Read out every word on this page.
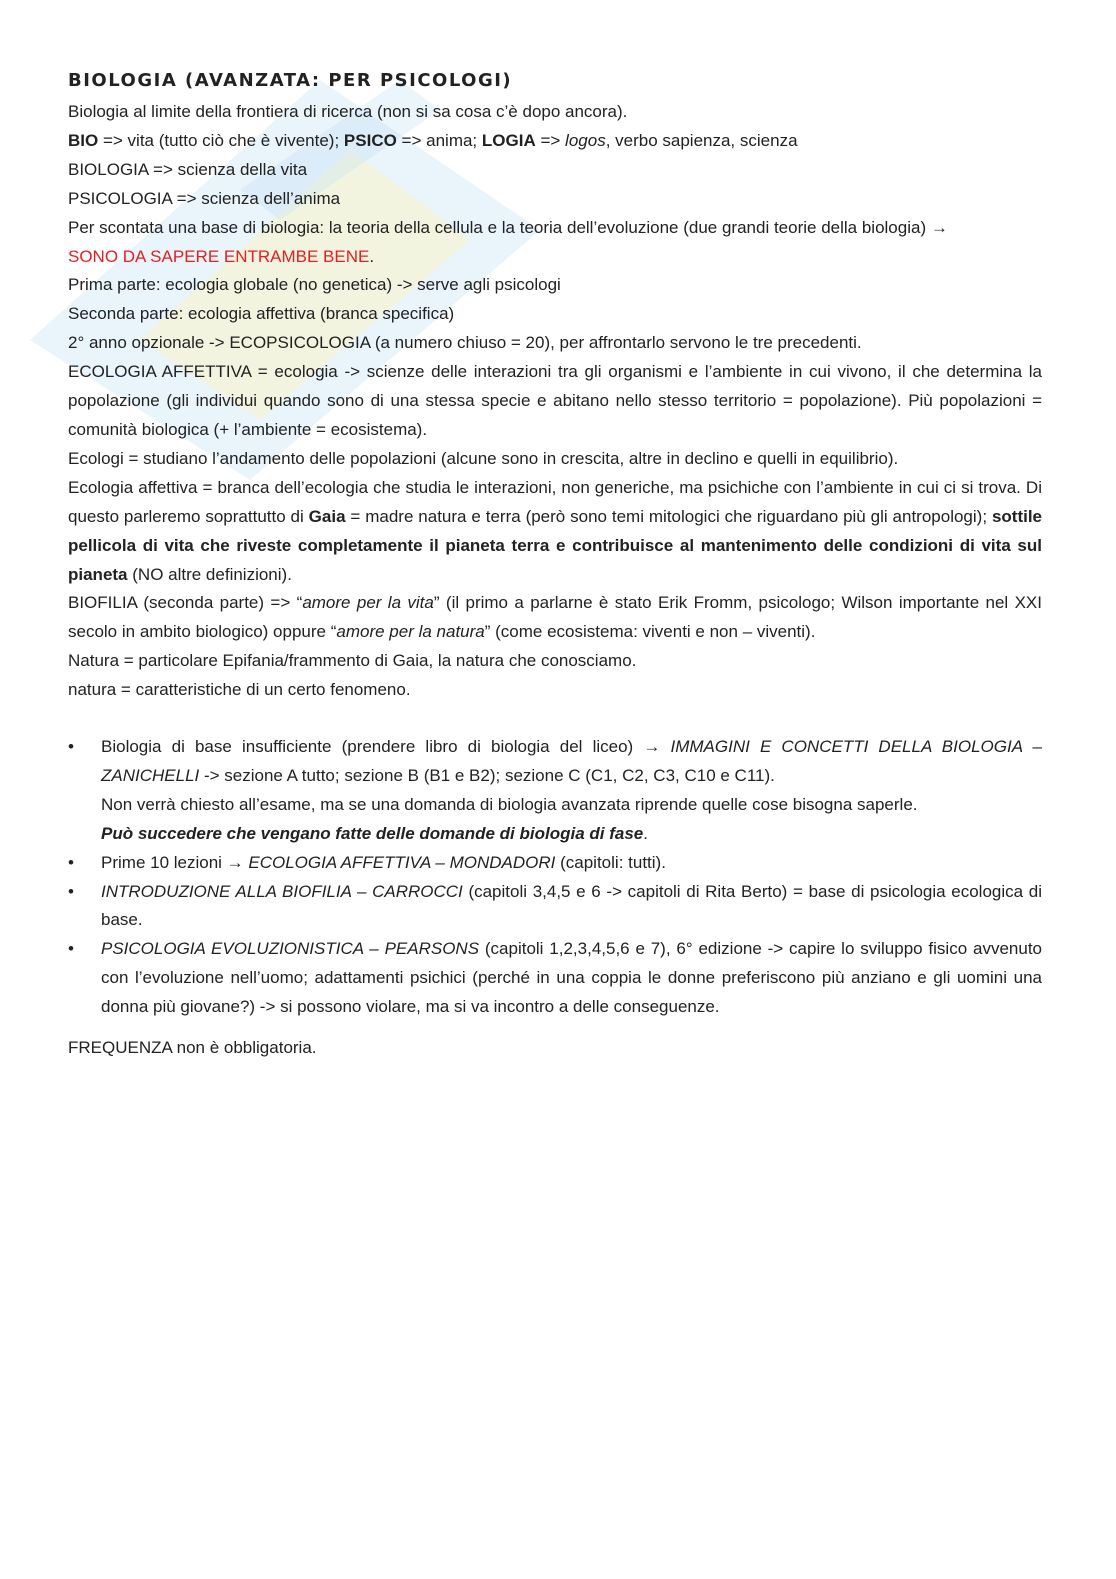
BIOLOGIA (AVANZATA: PER PSICOLOGI)

Biologia al limite della frontiera di ricerca (non si sa cosa c’è dopo ancora).

BIO => vita (tutto ciò che è vivente); PSICO => anima; LOGIA => logos, verbo sapienza, scienza

BIOLOGIA => scienza della vita

PSICOLOGIA => scienza dell’anima

Per scontata una base di biologia: la teoria della cellula e la teoria dell’evoluzione (due grandi teorie della biologia) →
SONO DA SAPERE ENTRAMBE BENE.

Prima parte: ecologia globale (no genetica) -> serve agli psicologi

Seconda parte: ecologia affettiva (branca specifica)

2° anno opzionale -> ECOPSICOLOGIA (a numero chiuso = 20), per affrontarlo servono le tre precedenti.

ECOLOGIA AFFETTIVA = ecologia -> scienze delle interazioni tra gli organismi e l’ambiente in cui vivono, il che determina la popolazione (gli individui quando sono di una stessa specie e abitano nello stesso territorio = popolazione). Più popolazioni = comunità biologica (+ l’ambiente = ecosistema).

Ecologi = studiano l’andamento delle popolazioni (alcune sono in crescita, altre in declino e quelli in equilibrio).

Ecologia affettiva = branca dell’ecologia che studia le interazioni, non generiche, ma psichiche con l’ambiente in cui ci si trova. Di questo parleremo soprattutto di Gaia = madre natura e terra (però sono temi mitologici che riguardano più gli antropologi); sottile pellicola di vita che riveste completamente il pianeta terra e contribuisce al mantenimento delle condizioni di vita sul pianeta (NO altre definizioni).

BIOFILIA (seconda parte) => “amore per la vita” (il primo a parlarne è stato Erik Fromm, psicologo; Wilson importante nel XXI secolo in ambito biologico) oppure “amore per la natura” (come ecosistema: viventi e non – viventi).

Natura = particolare Epifania/frammento di Gaia, la natura che conosciamo.

natura = caratteristiche di un certo fenomeno.

• Biologia di base insufficiente (prendere libro di biologia del liceo) → IMMAGINI E CONCETTI DELLA BIOLOGIA – ZANICHELLI -> sezione A tutto; sezione B (B1 e B2); sezione C (C1, C2, C3, C10 e C11).
Non verrà chiesto all’esame, ma se una domanda di biologia avanzata riprende quelle cose bisogna saperle.
Può succedere che vengano fatte delle domande di biologia di fase.
• Prime 10 lezioni → ECOLOGIA AFFETTIVA – MONDADORI (capitoli: tutti).
• INTRODUZIONE ALLA BIOFILIA – CARROCCI (capitoli 3,4,5 e 6 -> capitoli di Rita Berto) = base di psicologia ecologica di base.
• PSICOLOGIA EVOLUZIONISTICA – PEARSONS (capitoli 1,2,3,4,5,6 e 7), 6° edizione -> capire lo sviluppo fisico avvenuto con l’evoluzione nell’uomo; adattamenti psichici (perché in una coppia le donne preferiscono più anziano e gli uomini una donna più giovane?) -> si possono violare, ma si va incontro a delle conseguenze.

FREQUENZA non è obbligatoria.
